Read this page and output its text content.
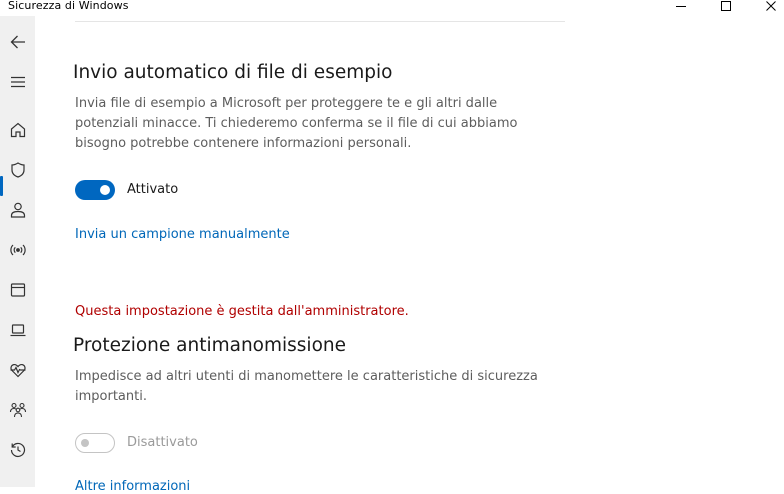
Sicurezza di Windows
Invio automatico di file di esempio

Invia file di esempio a Microsoft per proteggere te e gli altri dalle potenziali minacce. Ti chiederemo conferma se il file di cui abbiamo bisogno potrebbe contenere informazioni personali.

Attivato
Invia un campione manualmente
Questa impostazione è gestita dall'amministratore.
Protezione antimanomissione

Impedisce ad altri utenti di manomettere le caratteristiche di sicurezza importanti.

Disattivato
Altre informazioni
